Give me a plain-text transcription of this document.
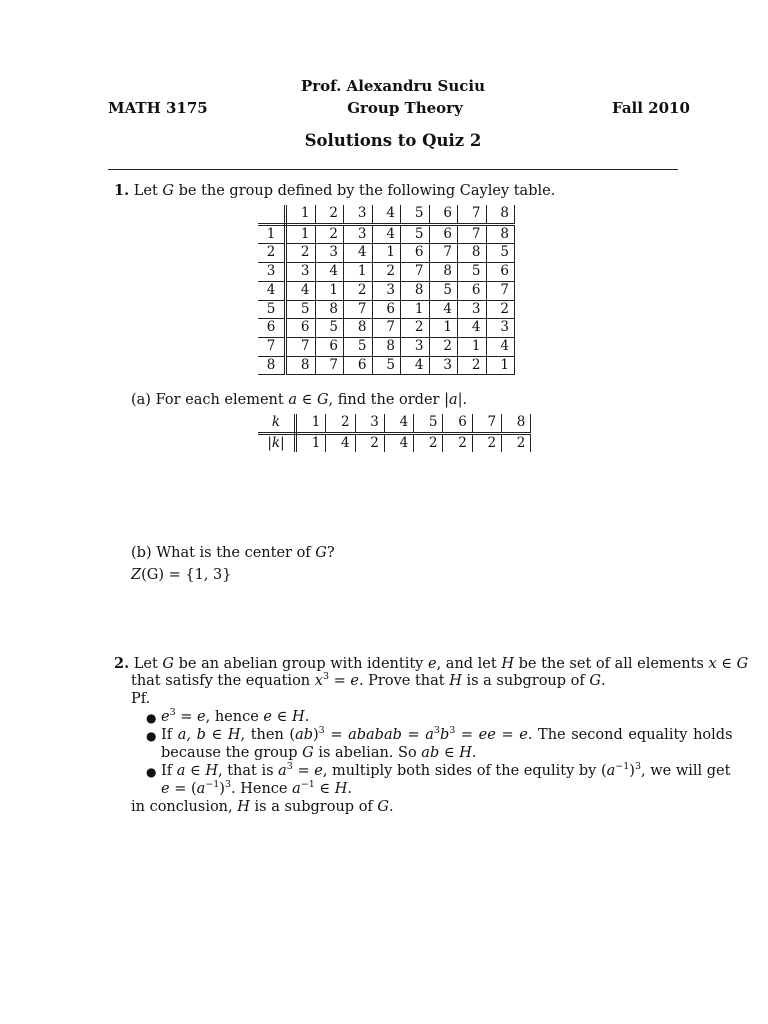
Prof. Alexandru Suciu
MATH 3175	Group Theory	Fall 2010
Solutions to Quiz 2
1. Let G be the group defined by the following Cayley table.
	1	2	3	4	5	6	7	8
1	1	2	3	4	5	6	7	8
2	2	3	4	1	6	7	8	5
3	3	4	1	2	7	8	5	6
4	4	1	2	3	8	5	6	7
5	5	8	7	6	1	4	3	2
6	6	5	8	7	2	1	4	3
7	7	6	5	8	3	2	1	4
8	8	7	6	5	4	3	2	1
(a) For each element a ∈ G, find the order |a|.
k	1	2	3	4	5	6	7	8
|k|	1	4	2	4	2	2	2	2
(b) What is the center of G?
Z(G) = {1, 3}
2. Let G be an abelian group with identity e, and let H be the set of all elements x ∈ G
that satisfy the equation $x^3 = e$. Prove that H is a subgroup of G.
Pf.
● $e^3 = e$, hence e ∈ H.
● If a, b ∈ H, then (ab)$^3$ = ababab = $a^3b^3$ = ee = e. The second equality holds
because the group G is abelian. So ab ∈ H.
● If a ∈ H, that is $a^3 = e$, multiply both sides of the equlity by $(a^{-1})^3$, we will get
$e = (a^{-1})^3$. Hence $a^{-1}$ ∈ H.
in conclusion, H is a subgroup of G.
